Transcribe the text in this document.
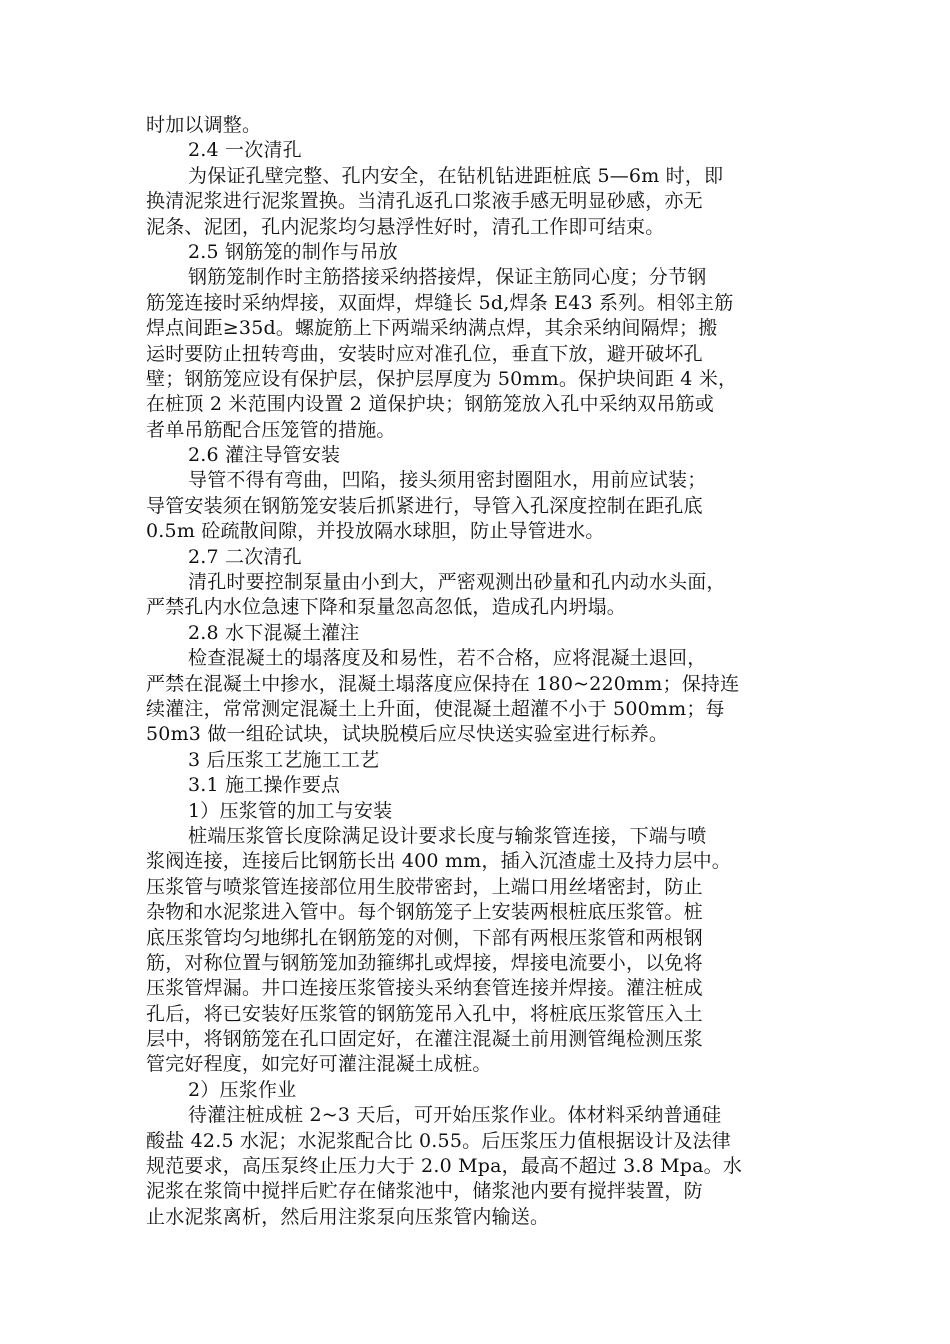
时加以调整。
2.4 一次清孔
为保证孔壁完整、孔内安全，在钻机钻进距桩底 5—6m 时，即
换清泥浆进行泥浆置换。当清孔返孔口浆液手感无明显砂感，亦无
泥条、泥团，孔内泥浆均匀悬浮性好时，清孔工作即可结束。
2.5 钢筋笼的制作与吊放
钢筋笼制作时主筋搭接采纳搭接焊，保证主筋同心度；分节钢
筋笼连接时采纳焊接，双面焊，焊缝长 5d,焊条 E43 系列。相邻主筋
焊点间距≥35d。螺旋筋上下两端采纳满点焊，其余采纳间隔焊；搬
运时要防止扭转弯曲，安装时应对准孔位，垂直下放，避开破坏孔
壁；钢筋笼应设有保护层，保护层厚度为 50mm。保护块间距 4 米，
在桩顶 2 米范围内设置 2 道保护块；钢筋笼放入孔中采纳双吊筋或
者单吊筋配合压笼管的措施。
2.6 灌注导管安装
导管不得有弯曲，凹陷，接头须用密封圈阻水，用前应试装；
导管安装须在钢筋笼安装后抓紧进行，导管入孔深度控制在距孔底
0.5m 砼疏散间隙，并投放隔水球胆，防止导管进水。
2.7 二次清孔
清孔时要控制泵量由小到大，严密观测出砂量和孔内动水头面，
严禁孔内水位急速下降和泵量忽高忽低，造成孔内坍塌。
2.8 水下混凝土灌注
检查混凝土的塌落度及和易性，若不合格，应将混凝土退回，
严禁在混凝土中掺水，混凝土塌落度应保持在 180~220mm；保持连
续灌注，常常测定混凝土上升面，使混凝土超灌不小于 500mm；每
50m3 做一组砼试块，试块脱模后应尽快送实验室进行标养。
3 后压浆工艺施工工艺
3.1 施工操作要点
1）压浆管的加工与安装
桩端压浆管长度除满足设计要求长度与输浆管连接，下端与喷
浆阀连接，连接后比钢筋长出 400 mm，插入沉渣虚土及持力层中。
压浆管与喷浆管连接部位用生胶带密封，上端口用丝堵密封，防止
杂物和水泥浆进入管中。每个钢筋笼子上安装两根桩底压浆管。桩
底压浆管均匀地绑扎在钢筋笼的对侧，下部有两根压浆管和两根钢
筋，对称位置与钢筋笼加劲箍绑扎或焊接，焊接电流要小，以免将
压浆管焊漏。井口连接压浆管接头采纳套管连接并焊接。灌注桩成
孔后，将已安装好压浆管的钢筋笼吊入孔中，将桩底压浆管压入土
层中，将钢筋笼在孔口固定好，在灌注混凝土前用测管绳检测压浆
管完好程度，如完好可灌注混凝土成桩。
2）压浆作业
待灌注桩成桩 2~3 天后，可开始压浆作业。体材料采纳普通硅
酸盐 42.5 水泥；水泥浆配合比 0.55。后压浆压力值根据设计及法律
规范要求，高压泵终止压力大于 2.0 Mpa，最高不超过 3.8 Mpa。水
泥浆在浆筒中搅拌后贮存在储浆池中，储浆池内要有搅拌装置，防
止水泥浆离析，然后用注浆泵向压浆管内输送。
